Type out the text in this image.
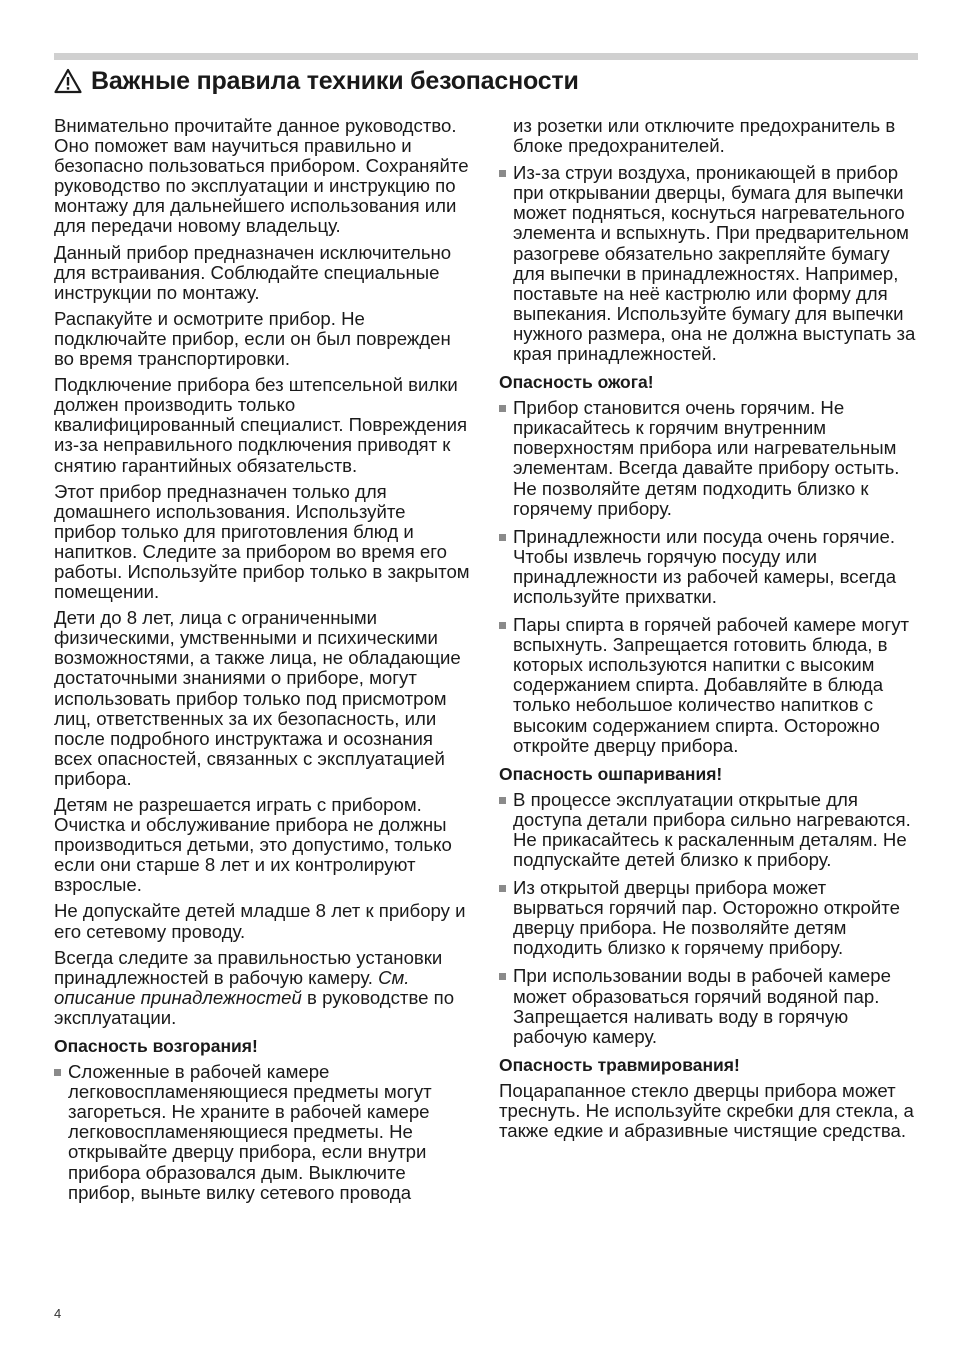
Важные правила техники безопасности

Внимательно прочитайте данное руководство. Оно поможет вам научиться правильно и безопасно пользоваться прибором. Сохраняйте руководство по эксплуатации и инструкцию по монтажу для дальнейшего использования или для передачи новому владельцу.

Данный прибор предназначен исключительно для встраивания. Соблюдайте специальные инструкции по монтажу.

Распакуйте и осмотрите прибор. Не подключайте прибор, если он был поврежден во время транспортировки.

Подключение прибора без штепсельной вилки должен производить только квалифицированный специалист. Повреждения из-за неправильного подключения приводят к снятию гарантийных обязательств.

Этот прибор предназначен только для домашнего использования. Используйте прибор только для приготовления блюд и напитков. Следите за прибором во время его работы. Используйте прибор только в закрытом помещении.

Дети до 8 лет, лица с ограниченными физическими, умственными и психическими возможностями, а также лица, не обладающие достаточными знаниями о приборе, могут использовать прибор только под присмотром лиц, ответственных за их безопасность, или после подробного инструктажа и осознания всех опасностей, связанных с эксплуатацией прибора.

Детям не разрешается играть с прибором. Очистка и обслуживание прибора не должны производиться детьми, это допустимо, только если они старше 8 лет и их контролируют взрослые.

Не допускайте детей младше 8 лет к прибору и его сетевому проводу.

Всегда следите за правильностью установки принадлежностей в рабочую камеру. См. описание принадлежностей в руководстве по эксплуатации.

Опасность возгорания!
Сложенные в рабочей камере легковоспламеняющиеся предметы могут загореться. Не храните в рабочей камере легковоспламеняющиеся предметы. Не открывайте дверцу прибора, если внутри прибора образовался дым. Выключите прибор, выньте вилку сетевого провода
из розетки или отключите предохранитель в блоке предохранителей.
Из-за струи воздуха, проникающей в прибор при открывании дверцы, бумага для выпечки может подняться, коснуться нагревательного элемента и вспыхнуть. При предварительном разогреве обязательно закрепляйте бумагу для выпечки в принадлежностях. Например, поставьте на неё кастрюлю или форму для выпекания. Используйте бумагу для выпечки нужного размера, она не должна выступать за края принадлежностей.
Опасность ожога!
Прибор становится очень горячим. Не прикасайтесь к горячим внутренним поверхностям прибора или нагревательным элементам. Всегда давайте прибору остыть. Не позволяйте детям подходить близко к горячему прибору.
Принадлежности или посуда очень горячие. Чтобы извлечь горячую посуду или принадлежности из рабочей камеры, всегда используйте прихватки.
Пары спирта в горячей рабочей камере могут вспыхнуть. Запрещается готовить блюда, в которых используются напитки с высоким содержанием спирта. Добавляйте в блюда только небольшое количество напитков с высоким содержанием спирта. Осторожно откройте дверцу прибора.
Опасность ошпаривания!
В процессе эксплуатации открытые для доступа детали прибора сильно нагреваются. Не прикасайтесь к раскаленным деталям. Не подпускайте детей близко к прибору.
Из открытой дверцы прибора может вырваться горячий пар. Осторожно откройте дверцу прибора. Не позволяйте детям подходить близко к горячему прибору.
При использовании воды в рабочей камере может образоваться горячий водяной пар. Запрещается наливать воду в горячую рабочую камеру.
Опасность травмирования!

Поцарапанное стекло дверцы прибора может треснуть. Не используйте скребки для стекла, а также едкие и абразивные чистящие средства.

4
